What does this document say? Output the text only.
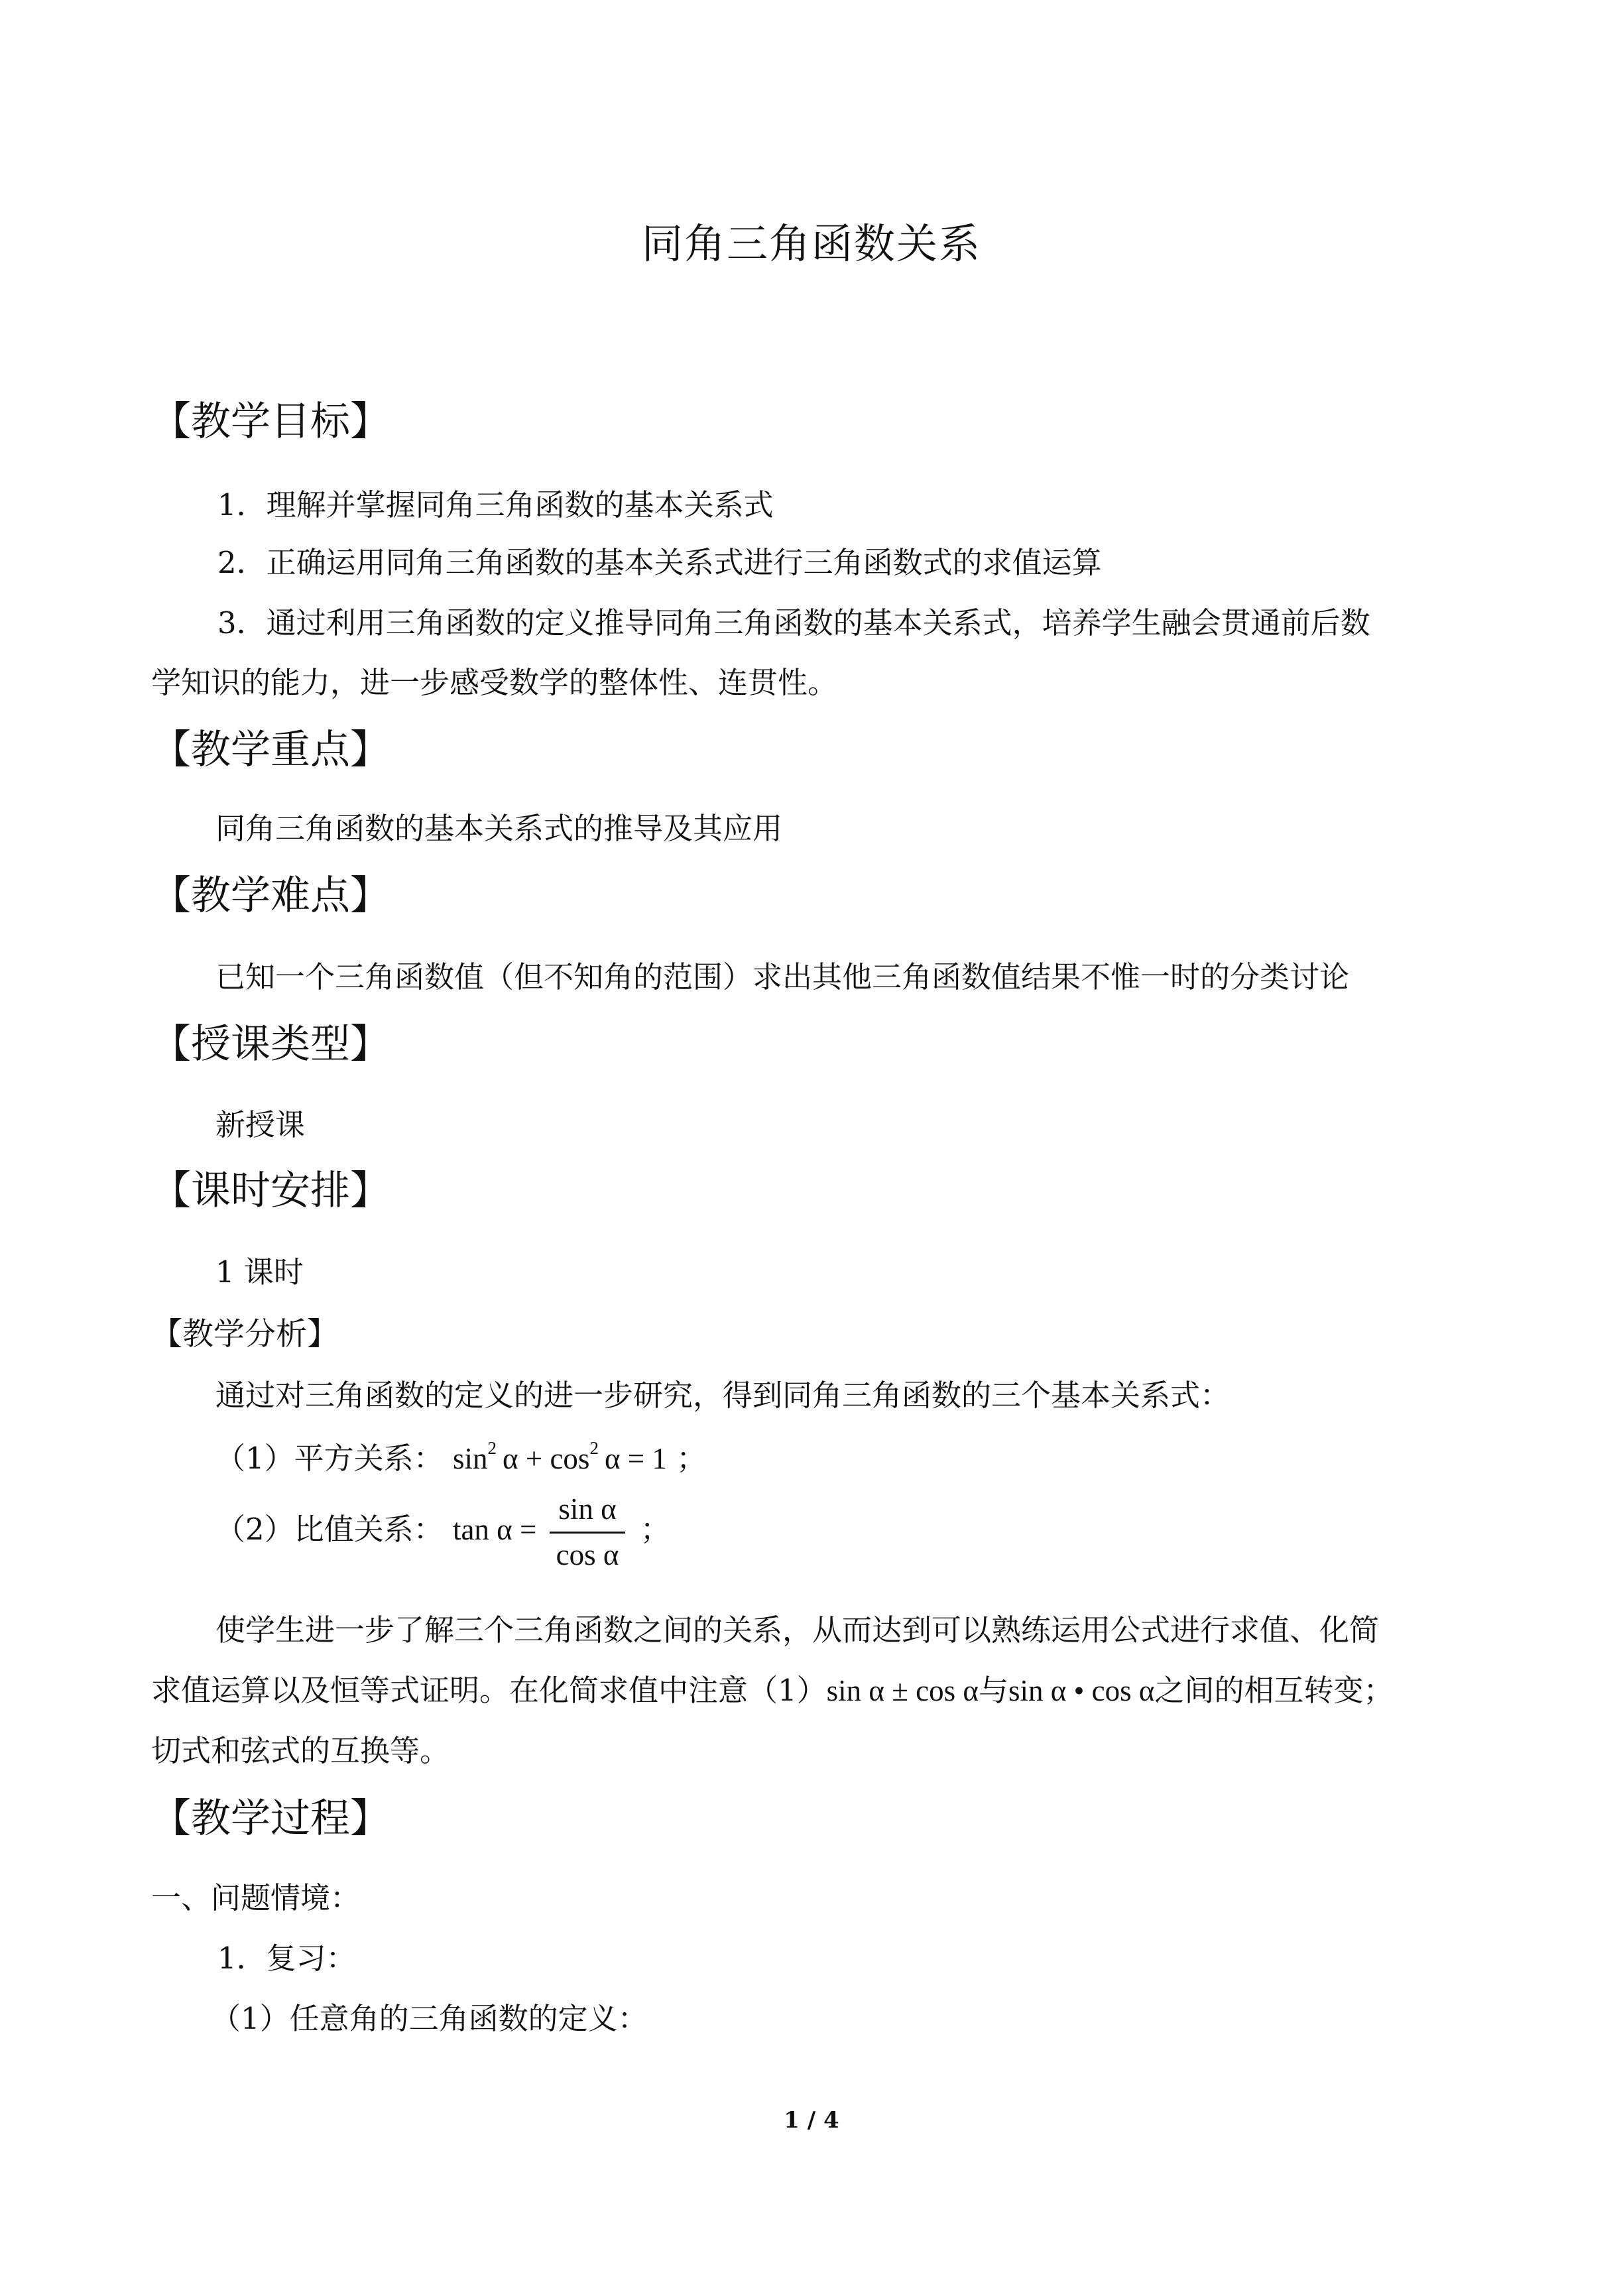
同角三角函数关系
【教学目标】
1．理解并掌握同角三角函数的基本关系式
2．正确运用同角三角函数的基本关系式进行三角函数式的求值运算
3．通过利用三角函数的定义推导同角三角函数的基本关系式，培养学生融会贯通前后数
学知识的能力，进一步感受数学的整体性、连贯性。
【教学重点】
同角三角函数的基本关系式的推导及其应用
【教学难点】
已知一个三角函数值（但不知角的范围）求出其他三角函数值结果不惟一时的分类讨论
【授课类型】
新授课
【课时安排】
1 课时
【教学分析】
通过对三角函数的定义的进一步研究，得到同角三角函数的三个基本关系式：
（1）平方关系： $\sin^2 \alpha + \cos^2 \alpha = 1$ ；
（2）比值关系： $\tan \alpha = \frac{\text{sin α}}{\text{cos α}}$ ；
使学生进一步了解三个三角函数之间的关系，从而达到可以熟练运用公式进行求值、化简
求值运算以及恒等式证明。在化简求值中注意（1）sin α ± cos α与sin α • cos α之间的相互转变；
切式和弦式的互换等。
【教学过程】
一、问题情境：
1．复习：
（1）任意角的三角函数的定义：
1 / 4
